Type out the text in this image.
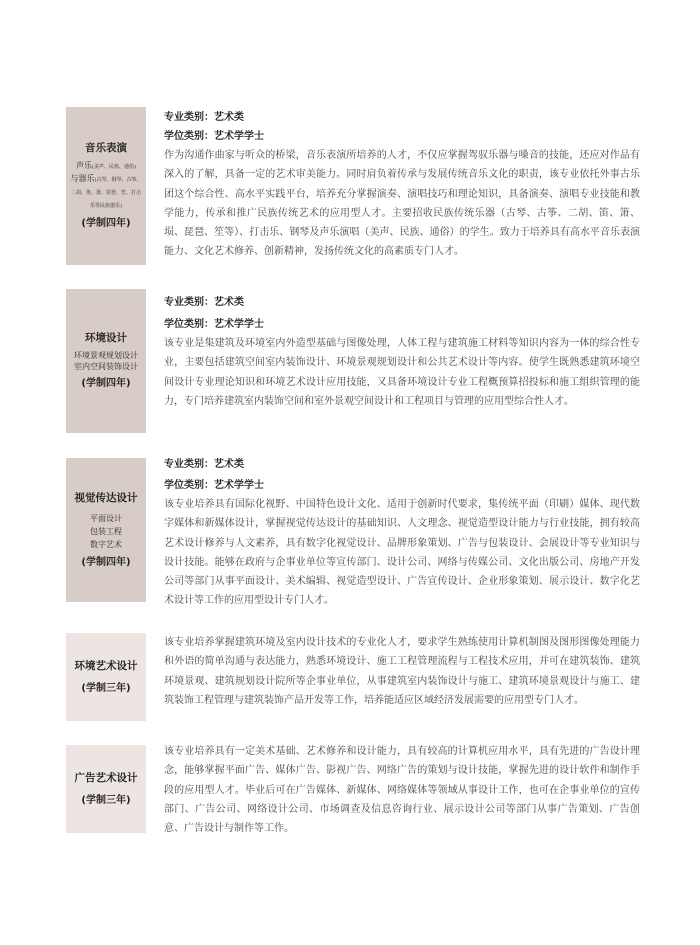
音乐表演
声乐(美声、民族、通俗)
与器乐(古琴、钢琴、古筝、二胡、笛、箫、琵琶、笙、打击乐等民族器乐)
(学制四年)
专业类别：艺术类
学位类别：艺术学学士

作为沟通作曲家与听众的桥梁，音乐表演所培养的人才，不仅应掌握驾驭乐器与嗓音的技能，还应对作品有深入的了解，具备一定的艺术审美能力。同时肩负着传承与发展传统音乐文化的职责，该专业依托外事古乐团这个综合性、高水平实践平台，培养充分掌握演奏、演唱技巧和理论知识，具备演奏、演唱专业技能和教学能力，传承和推广民族传统艺术的应用型人才。主要招收民族传统乐器（古琴、古筝、二胡、笛、箫、埙、琵琶、笙等）、打击乐、钢琴及声乐演唱（美声、民族、通俗）的学生。致力于培养具有高水平音乐表演能力、文化艺术修养、创新精神，发扬传统文化的高素质专门人才。

环境设计
环境景观规划设计
室内空间装饰设计
(学制四年)
专业类别：艺术类
学位类别：艺术学学士

该专业是集建筑及环境室内外造型基础与图像处理，人体工程与建筑施工材料等知识内容为一体的综合性专业，主要包括建筑空间室内装饰设计、环境景观规划设计和公共艺术设计等内容。使学生既熟悉建筑环境空间设计专业理论知识和环境艺术设计应用技能，又具备环境设计专业工程概预算招投标和施工组织管理的能力，专门培养建筑室内装饰空间和室外景观空间设计和工程项目与管理的应用型综合性人才。

视觉传达设计
平面设计
包装工程
数字艺术
(学制四年)
专业类别：艺术类
学位类别：艺术学学士

该专业培养具有国际化视野、中国特色设计文化、适用于创新时代要求，集传统平面（印刷）媒体、现代数字媒体和新媒体设计，掌握视觉传达设计的基础知识、人文理念、视觉造型设计能力与行业技能，拥有较高艺术设计修养与人文素养，具有数字化视觉设计、品牌形象策划、广告与包装设计、会展设计等专业知识与设计技能。能够在政府与企事业单位等宣传部门、设计公司、网络与传媒公司、文化出版公司、房地产开发公司等部门从事平面设计、美术编辑、视觉造型设计、广告宣传设计、企业形象策划、展示设计、数字化艺术设计等工作的应用型设计专门人才。

环境艺术设计
(学制三年)

该专业培养掌握建筑环境及室内设计技术的专业化人才，要求学生熟练使用计算机制图及图形图像处理能力和外语的简单沟通与表达能力，熟悉环境设计、施工工程管理流程与工程技术应用，并可在建筑装饰、建筑环境景观、建筑规划设计院所等企事业单位，从事建筑室内装饰设计与施工、建筑环境景观设计与施工、建筑装饰工程管理与建筑装饰产品开发等工作，培养能适应区域经济发展需要的应用型专门人才。

广告艺术设计
(学制三年)

该专业培养具有一定美术基础、艺术修养和设计能力，具有较高的计算机应用水平，具有先进的广告设计理念，能够掌握平面广告、媒体广告、影视广告、网络广告的策划与设计技能，掌握先进的设计软件和制作手段的应用型人才。毕业后可在广告媒体、新媒体、网络媒体等领域从事设计工作，也可在企事业单位的宣传部门、广告公司、网络设计公司、市场调查及信息咨询行业、展示设计公司等部门从事广告策划、广告创意、广告设计与制作等工作。
